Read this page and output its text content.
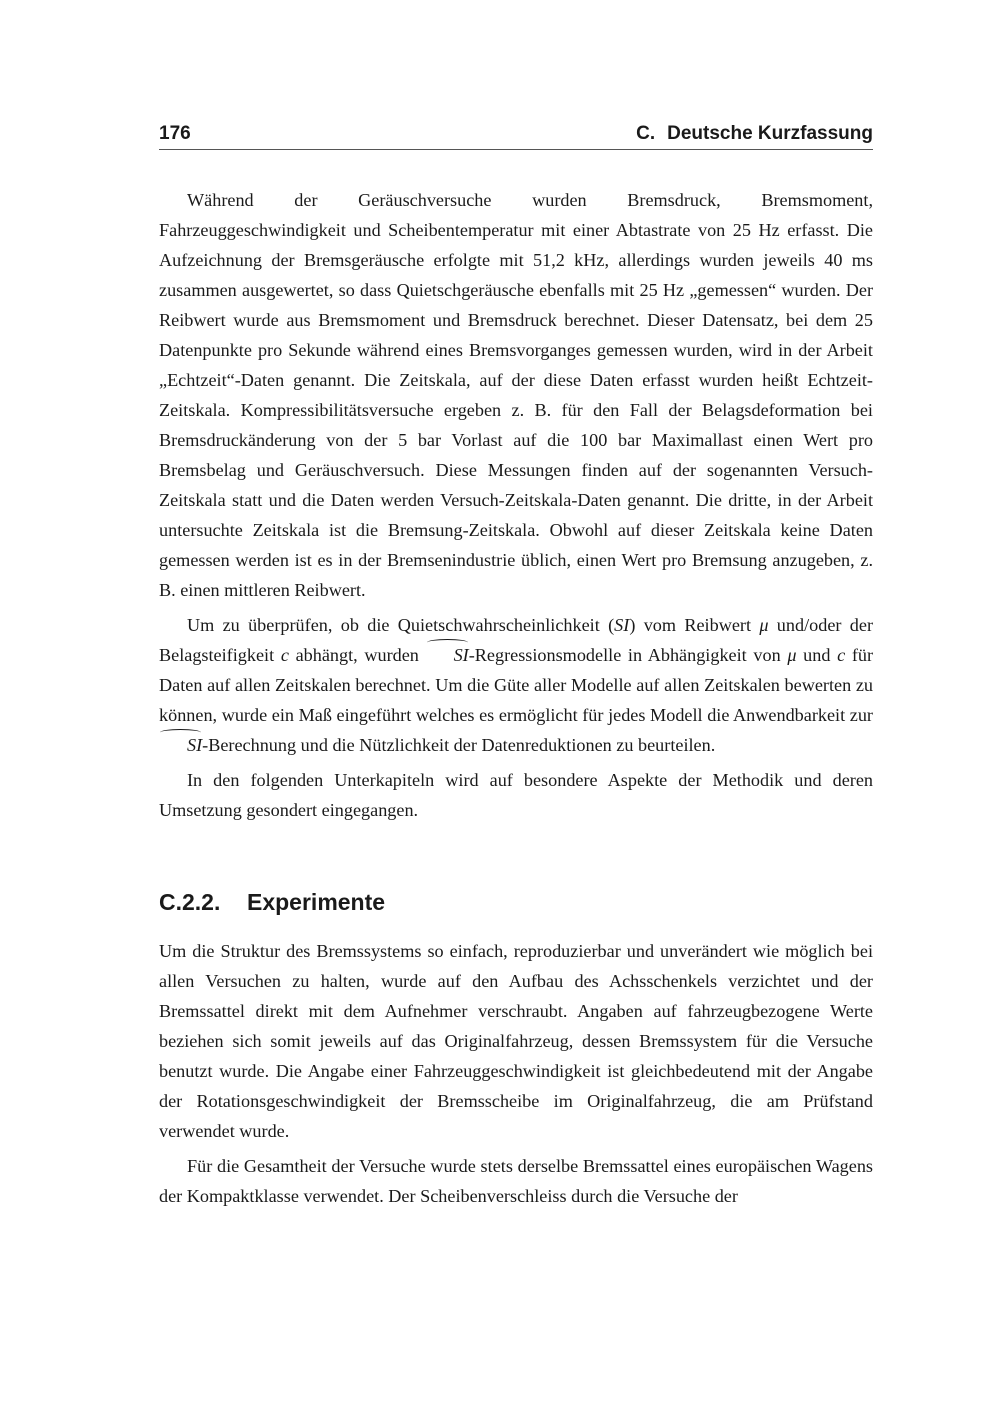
176	C. Deutsche Kurzfassung

Während der Geräuschversuche wurden Bremsdruck, Bremsmoment, Fahrzeuggeschwindigkeit und Scheibentemperatur mit einer Abtastrate von 25 Hz erfasst. Die Aufzeichnung der Bremsgeräusche erfolgte mit 51,2 kHz, allerdings wurden jeweils 40 ms zusammen ausgewertet, so dass Quietschgeräusche ebenfalls mit 25 Hz „gemessen“ wurden. Der Reibwert wurde aus Bremsmoment und Bremsdruck berechnet. Dieser Datensatz, bei dem 25 Datenpunkte pro Sekunde während eines Bremsvorganges gemessen wurden, wird in der Arbeit „Echtzeit“-Daten genannt. Die Zeitskala, auf der diese Daten erfasst wurden heißt Echtzeit-Zeitskala. Kompressibilitätsversuche ergeben z. B. für den Fall der Belagsdeformation bei Bremsdruckänderung von der 5 bar Vorlast auf die 100 bar Maximallast einen Wert pro Bremsbelag und Geräuschversuch. Diese Messungen finden auf der sogenannten Versuch-Zeitskala statt und die Daten werden Versuch-Zeitskala-Daten genannt. Die dritte, in der Arbeit untersuchte Zeitskala ist die Bremsung-Zeitskala. Obwohl auf dieser Zeitskala keine Daten gemessen werden ist es in der Bremsenindustrie üblich, einen Wert pro Bremsung anzugeben, z. B. einen mittleren Reibwert.

Um zu überprüfen, ob die Quietschwahrscheinlichkeit (SI) vom Reibwert μ und/oder der Belagsteifigkeit c abhängt, wurden SI-Regressionsmodelle in Abhängigkeit von μ und c für Daten auf allen Zeitskalen berechnet. Um die Güte aller Modelle auf allen Zeitskalen bewerten zu können, wurde ein Maß eingeführt welches es ermöglicht für jedes Modell die Anwendbarkeit zur SI-Berechnung und die Nützlichkeit der Datenreduktionen zu beurteilen.

In den folgenden Unterkapiteln wird auf besondere Aspekte der Methodik und deren Umsetzung gesondert eingegangen.

C.2.2. Experimente

Um die Struktur des Bremssystems so einfach, reproduzierbar und unverändert wie möglich bei allen Versuchen zu halten, wurde auf den Aufbau des Achsschenkels verzichtet und der Bremssattel direkt mit dem Aufnehmer verschraubt. Angaben auf fahrzeugbezogene Werte beziehen sich somit jeweils auf das Originalfahrzeug, dessen Bremssystem für die Versuche benutzt wurde. Die Angabe einer Fahrzeuggeschwindigkeit ist gleichbedeutend mit der Angabe der Rotationsgeschwindigkeit der Bremsscheibe im Originalfahrzeug, die am Prüfstand verwendet wurde.

Für die Gesamtheit der Versuche wurde stets derselbe Bremssattel eines europäischen Wagens der Kompaktklasse verwendet. Der Scheibenverschleiss durch die Versuche der
